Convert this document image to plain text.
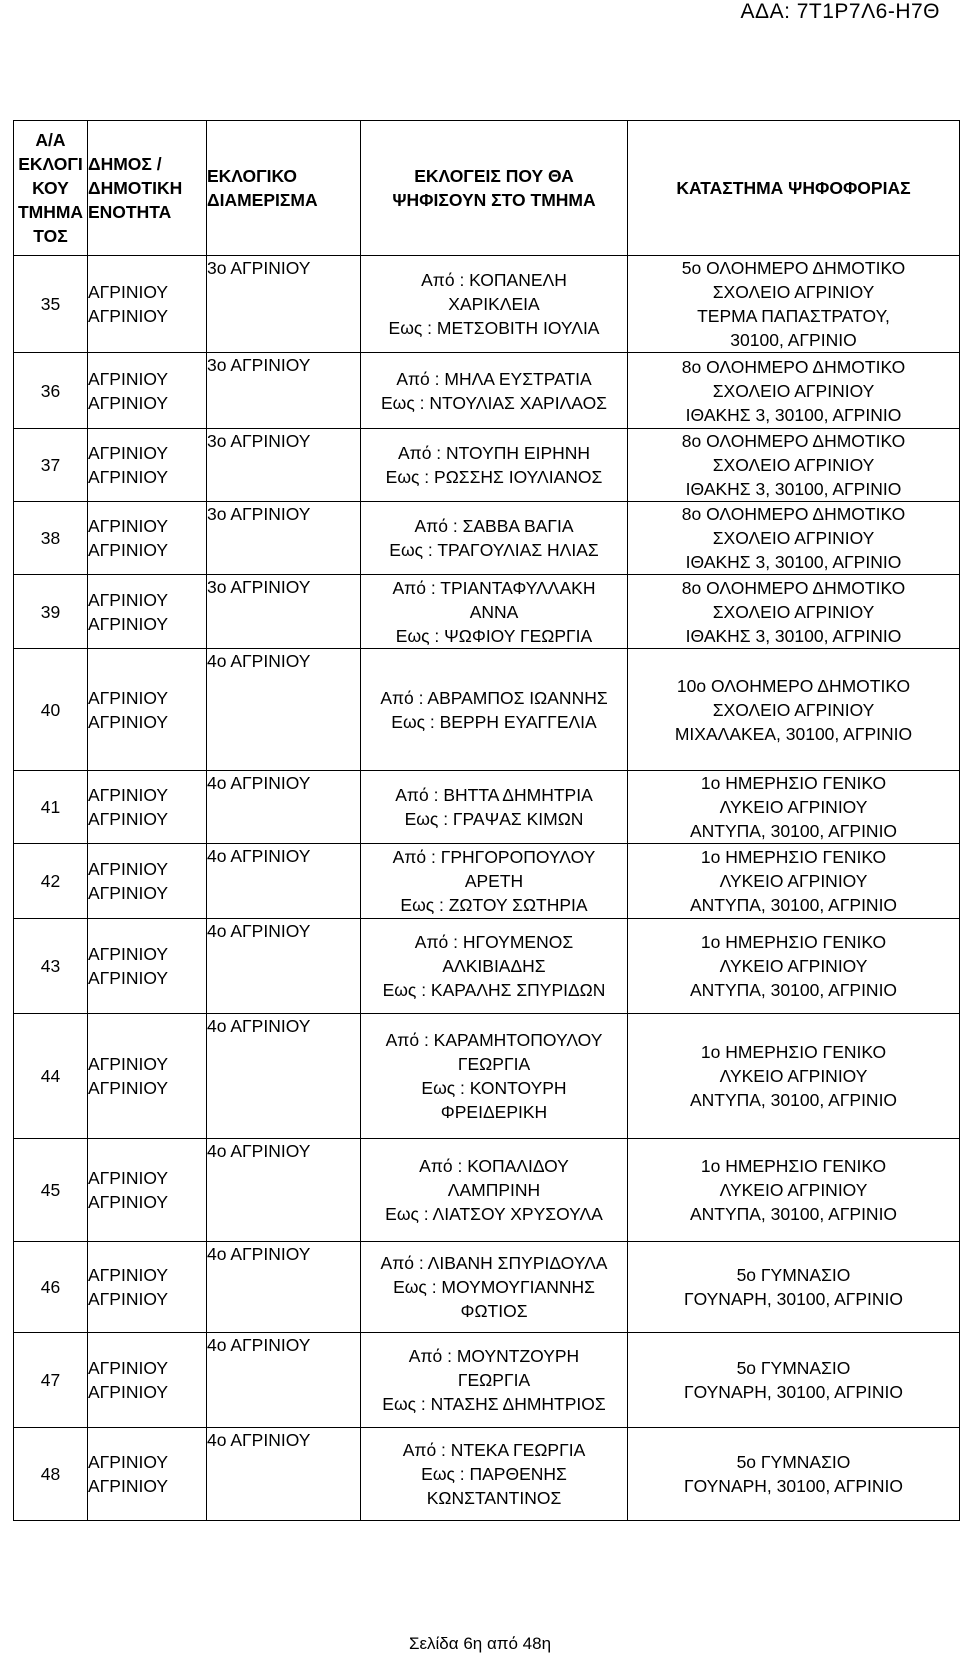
ΑΔΑ: 7Τ1Ρ7Λ6-Η7Θ
Α/Α
ΕΚΛΟΓΙ
ΚΟΥ
ΤΜΗΜΑ
ΤΟΣ	ΔΗΜΟΣ /
ΔΗΜΟΤΙΚΗ
ΕΝΟΤΗΤΑ	ΕΚΛΟΓΙΚΟ
ΔΙΑΜΕΡΙΣΜΑ	ΕΚΛΟΓΕΙΣ ΠΟΥ ΘΑ
ΨΗΦΙΣΟΥΝ ΣΤΟ ΤΜΗΜΑ	ΚΑΤΑΣΤΗΜΑ ΨΗΦΟΦΟΡΙΑΣ

35	ΑΓΡΙΝΙΟΥ
ΑΓΡΙΝΙΟΥ	3ο ΑΓΡΙΝΙΟΥ	Από : ΚΟΠΑΝΕΛΗ
ΧΑΡΙΚΛΕΙΑ
Εως : ΜΕΤΣΟΒΙΤΗ ΙΟΥΛΙΑ	5ο ΟΛΟΗΜΕΡΟ ΔΗΜΟΤΙΚΟ
ΣΧΟΛΕΙΟ ΑΓΡΙΝΙΟΥ
ΤΕΡΜΑ ΠΑΠΑΣΤΡΑΤΟΥ,
30100, ΑΓΡΙΝΙΟ
36	ΑΓΡΙΝΙΟΥ
ΑΓΡΙΝΙΟΥ	3ο ΑΓΡΙΝΙΟΥ	Από : ΜΗΛΑ ΕΥΣΤΡΑΤΙΑ
Εως : ΝΤΟΥΛΙΑΣ ΧΑΡΙΛΑΟΣ	8ο ΟΛΟΗΜΕΡΟ ΔΗΜΟΤΙΚΟ
ΣΧΟΛΕΙΟ ΑΓΡΙΝΙΟΥ
ΙΘΑΚΗΣ 3, 30100, ΑΓΡΙΝΙΟ
37	ΑΓΡΙΝΙΟΥ
ΑΓΡΙΝΙΟΥ	3ο ΑΓΡΙΝΙΟΥ	Από : ΝΤΟΥΠΗ ΕΙΡΗΝΗ
Εως : ΡΩΣΣΗΣ ΙΟΥΛΙΑΝΟΣ	8ο ΟΛΟΗΜΕΡΟ ΔΗΜΟΤΙΚΟ
ΣΧΟΛΕΙΟ ΑΓΡΙΝΙΟΥ
ΙΘΑΚΗΣ 3, 30100, ΑΓΡΙΝΙΟ
38	ΑΓΡΙΝΙΟΥ
ΑΓΡΙΝΙΟΥ	3ο ΑΓΡΙΝΙΟΥ	Από : ΣΑΒΒΑ ΒΑΓΙΑ
Εως : ΤΡΑΓΟΥΛΙΑΣ ΗΛΙΑΣ	8ο ΟΛΟΗΜΕΡΟ ΔΗΜΟΤΙΚΟ
ΣΧΟΛΕΙΟ ΑΓΡΙΝΙΟΥ
ΙΘΑΚΗΣ 3, 30100, ΑΓΡΙΝΙΟ
39	ΑΓΡΙΝΙΟΥ
ΑΓΡΙΝΙΟΥ	3ο ΑΓΡΙΝΙΟΥ	Από : ΤΡΙΑΝΤΑΦΥΛΛΑΚΗ
ΑΝΝΑ
Εως : ΨΩΦΙΟΥ ΓΕΩΡΓΙΑ	8ο ΟΛΟΗΜΕΡΟ ΔΗΜΟΤΙΚΟ
ΣΧΟΛΕΙΟ ΑΓΡΙΝΙΟΥ
ΙΘΑΚΗΣ 3, 30100, ΑΓΡΙΝΙΟ
40	ΑΓΡΙΝΙΟΥ
ΑΓΡΙΝΙΟΥ	4ο ΑΓΡΙΝΙΟΥ	Από : ΑΒΡΑΜΠΟΣ ΙΩΑΝΝΗΣ
Εως : ΒΕΡΡΗ ΕΥΑΓΓΕΛΙΑ	10ο ΟΛΟΗΜΕΡΟ ΔΗΜΟΤΙΚΟ
ΣΧΟΛΕΙΟ ΑΓΡΙΝΙΟΥ
ΜΙΧΑΛΑΚΕΑ, 30100, ΑΓΡΙΝΙΟ
41	ΑΓΡΙΝΙΟΥ
ΑΓΡΙΝΙΟΥ	4ο ΑΓΡΙΝΙΟΥ	Από : ΒΗΤΤΑ ΔΗΜΗΤΡΙΑ
Εως : ΓΡΑΨΑΣ ΚΙΜΩΝ	1ο ΗΜΕΡΗΣΙΟ ΓΕΝΙΚΟ
ΛΥΚΕΙΟ ΑΓΡΙΝΙΟΥ
ΑΝΤΥΠΑ, 30100, ΑΓΡΙΝΙΟ
42	ΑΓΡΙΝΙΟΥ
ΑΓΡΙΝΙΟΥ	4ο ΑΓΡΙΝΙΟΥ	Από : ΓΡΗΓΟΡΟΠΟΥΛΟΥ
ΑΡΕΤΗ
Εως : ΖΩΤΟΥ ΣΩΤΗΡΙΑ	1ο ΗΜΕΡΗΣΙΟ ΓΕΝΙΚΟ
ΛΥΚΕΙΟ ΑΓΡΙΝΙΟΥ
ΑΝΤΥΠΑ, 30100, ΑΓΡΙΝΙΟ
43	ΑΓΡΙΝΙΟΥ
ΑΓΡΙΝΙΟΥ	4ο ΑΓΡΙΝΙΟΥ	Από : ΗΓΟΥΜΕΝΟΣ
ΑΛΚΙΒΙΑΔΗΣ
Εως : ΚΑΡΑΛΗΣ ΣΠΥΡΙΔΩΝ	1ο ΗΜΕΡΗΣΙΟ ΓΕΝΙΚΟ
ΛΥΚΕΙΟ ΑΓΡΙΝΙΟΥ
ΑΝΤΥΠΑ, 30100, ΑΓΡΙΝΙΟ
44	ΑΓΡΙΝΙΟΥ
ΑΓΡΙΝΙΟΥ	4ο ΑΓΡΙΝΙΟΥ	Από : ΚΑΡΑΜΗΤΟΠΟΥΛΟΥ
ΓΕΩΡΓΙΑ
Εως : ΚΟΝΤΟΥΡΗ
ΦΡΕΙΔΕΡΙΚΗ	1ο ΗΜΕΡΗΣΙΟ ΓΕΝΙΚΟ
ΛΥΚΕΙΟ ΑΓΡΙΝΙΟΥ
ΑΝΤΥΠΑ, 30100, ΑΓΡΙΝΙΟ
45	ΑΓΡΙΝΙΟΥ
ΑΓΡΙΝΙΟΥ	4ο ΑΓΡΙΝΙΟΥ	Από : ΚΟΠΑΛΙΔΟΥ
ΛΑΜΠΡΙΝΗ
Εως : ΛΙΑΤΣΟΥ ΧΡΥΣΟΥΛΑ	1ο ΗΜΕΡΗΣΙΟ ΓΕΝΙΚΟ
ΛΥΚΕΙΟ ΑΓΡΙΝΙΟΥ
ΑΝΤΥΠΑ, 30100, ΑΓΡΙΝΙΟ
46	ΑΓΡΙΝΙΟΥ
ΑΓΡΙΝΙΟΥ	4ο ΑΓΡΙΝΙΟΥ	Από : ΛΙΒΑΝΗ ΣΠΥΡΙΔΟΥΛΑ
Εως : ΜΟΥΜΟΥΓΙΑΝΝΗΣ
ΦΩΤΙΟΣ	5ο ΓΥΜΝΑΣΙΟ
ΓΟΥΝΑΡΗ, 30100, ΑΓΡΙΝΙΟ
47	ΑΓΡΙΝΙΟΥ
ΑΓΡΙΝΙΟΥ	4ο ΑΓΡΙΝΙΟΥ	Από : ΜΟΥΝΤΖΟΥΡΗ
ΓΕΩΡΓΙΑ
Εως : ΝΤΑΣΗΣ ΔΗΜΗΤΡΙΟΣ	5ο ΓΥΜΝΑΣΙΟ
ΓΟΥΝΑΡΗ, 30100, ΑΓΡΙΝΙΟ
48	ΑΓΡΙΝΙΟΥ
ΑΓΡΙΝΙΟΥ	4ο ΑΓΡΙΝΙΟΥ	Από : ΝΤΕΚΑ ΓΕΩΡΓΙΑ
Εως : ΠΑΡΘΕΝΗΣ
ΚΩΝΣΤΑΝΤΙΝΟΣ	5ο ΓΥΜΝΑΣΙΟ
ΓΟΥΝΑΡΗ, 30100, ΑΓΡΙΝΙΟ
Σελίδα 6η από 48η
